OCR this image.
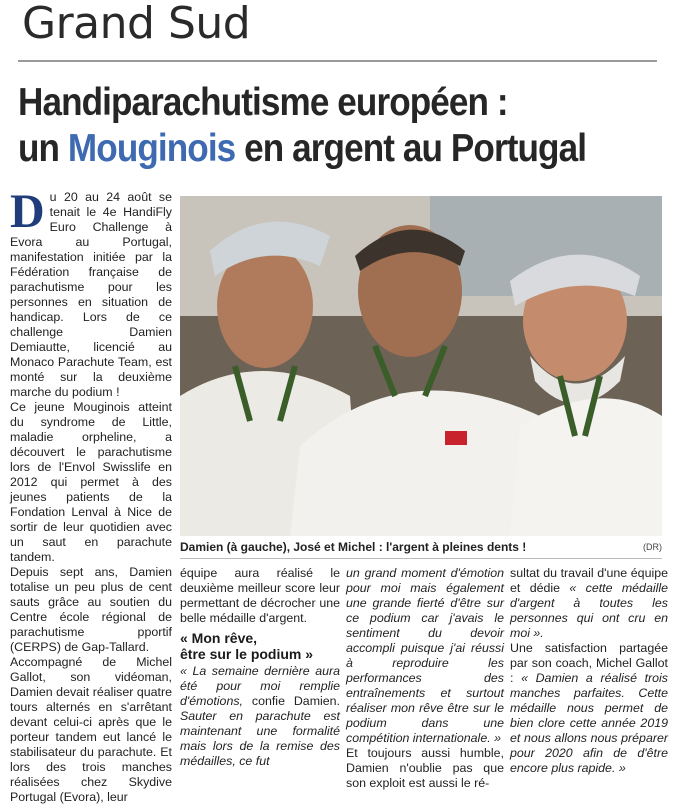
Grand Sud
Handiparachutisme européen :
un Mouginois en argent au Portugal

Du 20 au 24 août se tenait le 4e HandiFly Euro Challenge à Evora au Portugal, manifestation initiée par la Fédération française de parachutisme pour les personnes en situation de handicap. Lors de ce challenge Damien Demiautte, licencié au Monaco Parachute Team, est monté sur la deuxième marche du podium !

Ce jeune Mouginois atteint du syndrome de Little, maladie orpheline, a découvert le parachutisme lors de l'Envol Swisslife en 2012 qui permet à des jeunes patients de la Fondation Lenval à Nice de sortir de leur quotidien avec un saut en parachute tandem.

Depuis sept ans, Damien totalise un peu plus de cent sauts grâce au soutien du Centre école régional de parachutisme pportif (CERPS) de Gap-Tallard.

Accompagné de Michel Gallot, son vidéoman, Damien devait réaliser quatre tours alternés en s'arrêtant devant celui-ci après que le porteur tandem eut lancé le stabilisateur du parachute. Et lors des trois manches réalisées chez Skydive Portugal (Evora), leur

Damien (à gauche), José et Michel : l'argent à pleines dents !	(DR)
équipe aura réalisé le deuxième meilleur score leur permettant de décrocher une belle médaille d'argent.
« Mon rêve,
être sur le podium »
« La semaine dernière aura été pour moi remplie d'émotions, confie Damien. Sauter en parachute est maintenant une formalité mais lors de la remise des médailles, ce fut
un grand moment d'émotion pour moi mais également une grande fierté d'être sur ce podium car j'avais le sentiment du devoir accompli puisque j'ai réussi à reproduire les performances des entraînements et surtout réaliser mon rêve être sur le podium dans une compétition internationale. »
Et toujours aussi humble, Damien n'oublie pas que son exploit est aussi le ré-
sultat du travail d'une équipe et dédie « cette médaille d'argent à toutes les personnes qui ont cru en moi ».
Une satisfaction partagée par son coach, Michel Gallot : « Damien a réalisé trois manches parfaites. Cette médaille nous permet de bien clore cette année 2019 et nous allons nous préparer pour 2020 afin de d'être encore plus rapide. »
